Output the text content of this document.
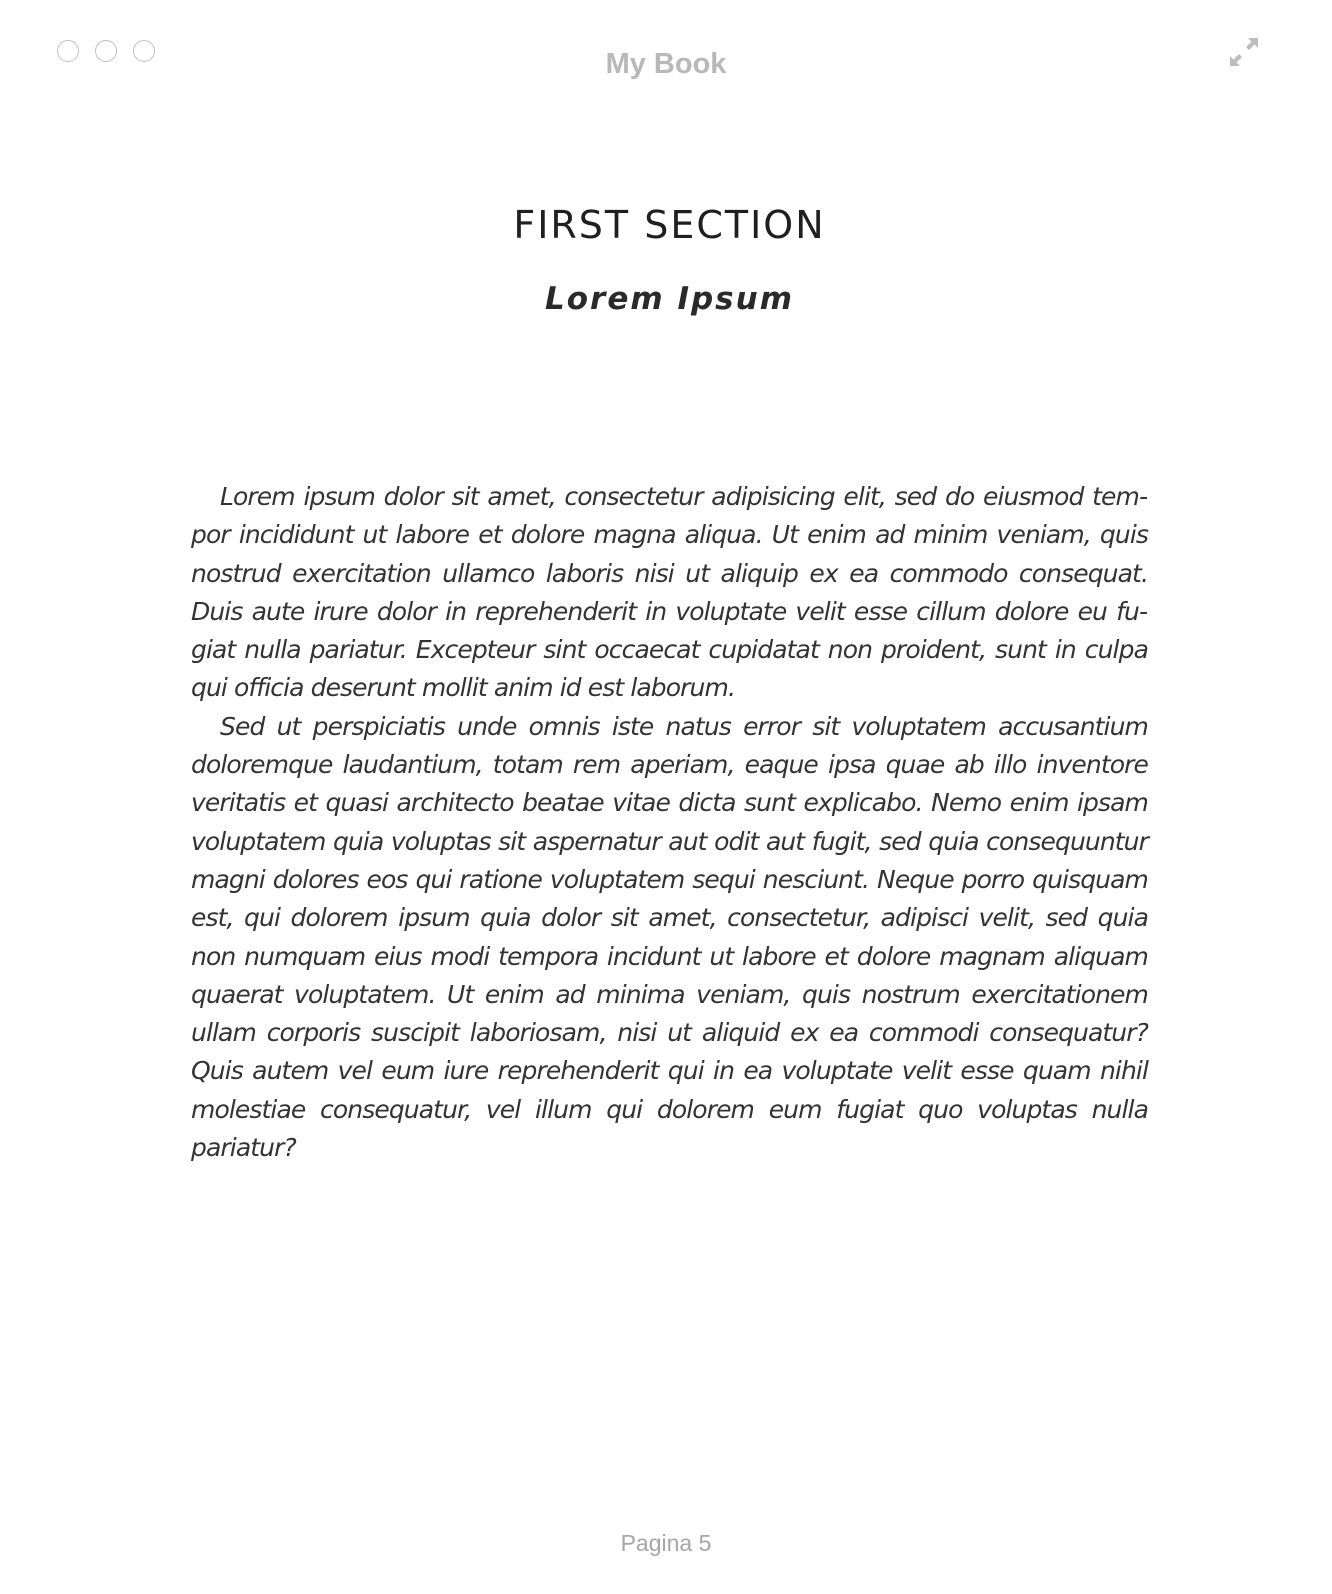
My Book
FIRST SECTION
Lorem Ipsum

Lorem ipsum dolor sit amet, consectetur adipisicing elit, sed do eiusmod tempor incididunt ut labore et dolore magna aliqua. Ut enim ad minim veniam, quis nostrud exercitation ullamco laboris nisi ut aliquip ex ea commodo consequat. Duis aute irure dolor in reprehenderit in voluptate velit esse cillum dolore eu fugiat nulla pariatur. Excepteur sint occaecat cupidatat non proident, sunt in culpa qui officia deserunt mollit anim id est laborum.

Sed ut perspiciatis unde omnis iste natus error sit voluptatem accusantium doloremque laudantium, totam rem aperiam, eaque ipsa quae ab illo inventore veritatis et quasi architecto beatae vitae dicta sunt explicabo. Nemo enim ipsam voluptatem quia voluptas sit aspernatur aut odit aut fugit, sed quia consequuntur magni dolores eos qui ratione voluptatem sequi nesciunt. Neque porro quisquam est, qui dolorem ipsum quia dolor sit amet, consectetur, adipisci velit, sed quia non numquam eius modi tempora incidunt ut labore et dolore magnam aliquam quaerat voluptatem. Ut enim ad minima veniam, quis nostrum exercitationem ullam corporis suscipit laboriosam, nisi ut aliquid ex ea commodi consequatur? Quis autem vel eum iure reprehenderit qui in ea voluptate velit esse quam nihil molestiae consequatur, vel illum qui dolorem eum fugiat quo voluptas nulla pariatur?

Pagina 5
